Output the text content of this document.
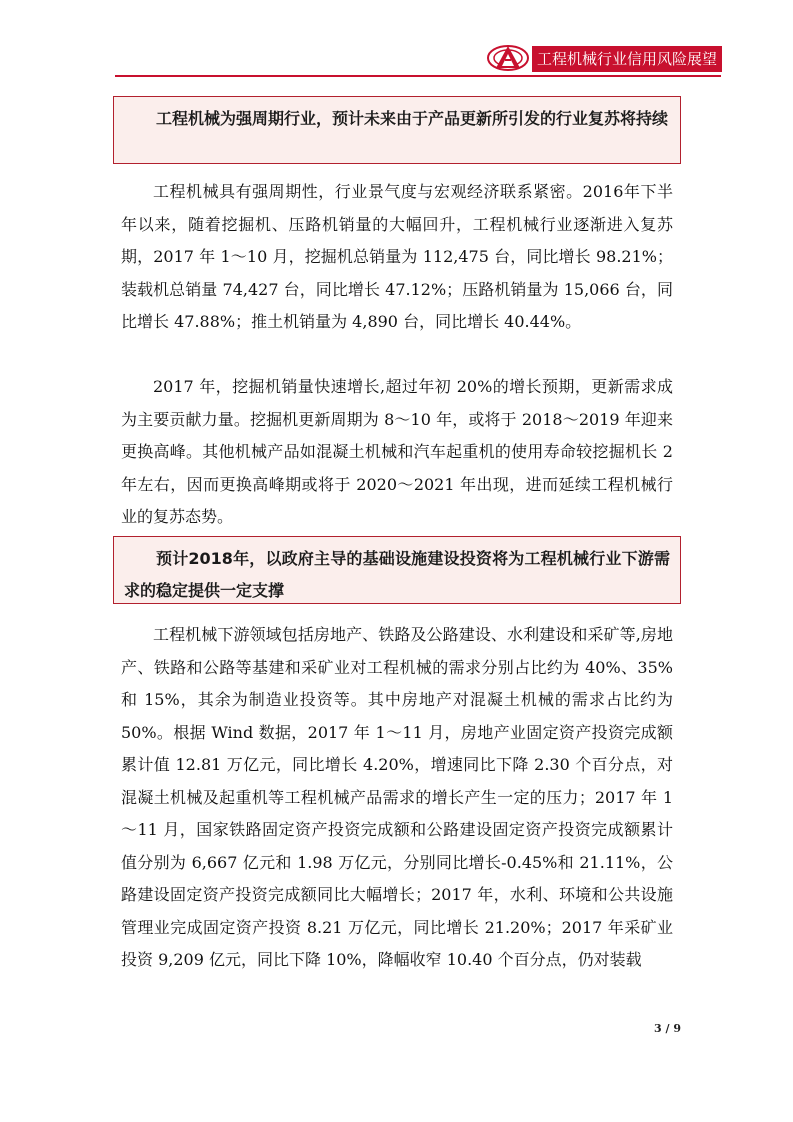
工程机械行业信用风险展望
工程机械为强周期行业，预计未来由于产品更新所引发的行业复苏将持续

工程机械具有强周期性，行业景气度与宏观经济联系紧密。2016年下半年以来，随着挖掘机、压路机销量的大幅回升，工程机械行业逐渐进入复苏期，2017 年 1～10 月，挖掘机总销量为 112,475 台，同比增长 98.21%；装载机总销量 74,427 台，同比增长 47.12%；压路机销量为 15,066 台，同比增长 47.88%；推土机销量为 4,890 台，同比增长 40.44%。

2017 年，挖掘机销量快速增长,超过年初 20%的增长预期，更新需求成为主要贡献力量。挖掘机更新周期为 8～10 年，或将于 2018～2019 年迎来更换高峰。其他机械产品如混凝土机械和汽车起重机的使用寿命较挖掘机长 2 年左右，因而更换高峰期或将于 2020～2021 年出现，进而延续工程机械行业的复苏态势。

预计2018年，以政府主导的基础设施建设投资将为工程机械行业下游需求的稳定提供一定支撑

工程机械下游领域包括房地产、铁路及公路建设、水利建设和采矿等,房地产、铁路和公路等基建和采矿业对工程机械的需求分别占比约为 40%、35%和 15%，其余为制造业投资等。其中房地产对混凝土机械的需求占比约为 50%。根据 Wind 数据，2017 年 1～11 月，房地产业固定资产投资完成额累计值 12.81 万亿元，同比增长 4.20%，增速同比下降 2.30 个百分点，对混凝土机械及起重机等工程机械产品需求的增长产生一定的压力；2017 年 1～11 月，国家铁路固定资产投资完成额和公路建设固定资产投资完成额累计值分别为 6,667 亿元和 1.98 万亿元，分别同比增长-0.45%和 21.11%，公路建设固定资产投资完成额同比大幅增长；2017 年，水利、环境和公共设施管理业完成固定资产投资 8.21 万亿元，同比增长 21.20%；2017 年采矿业投资 9,209 亿元，同比下降 10%，降幅收窄 10.40 个百分点，仍对装载

3 / 9
